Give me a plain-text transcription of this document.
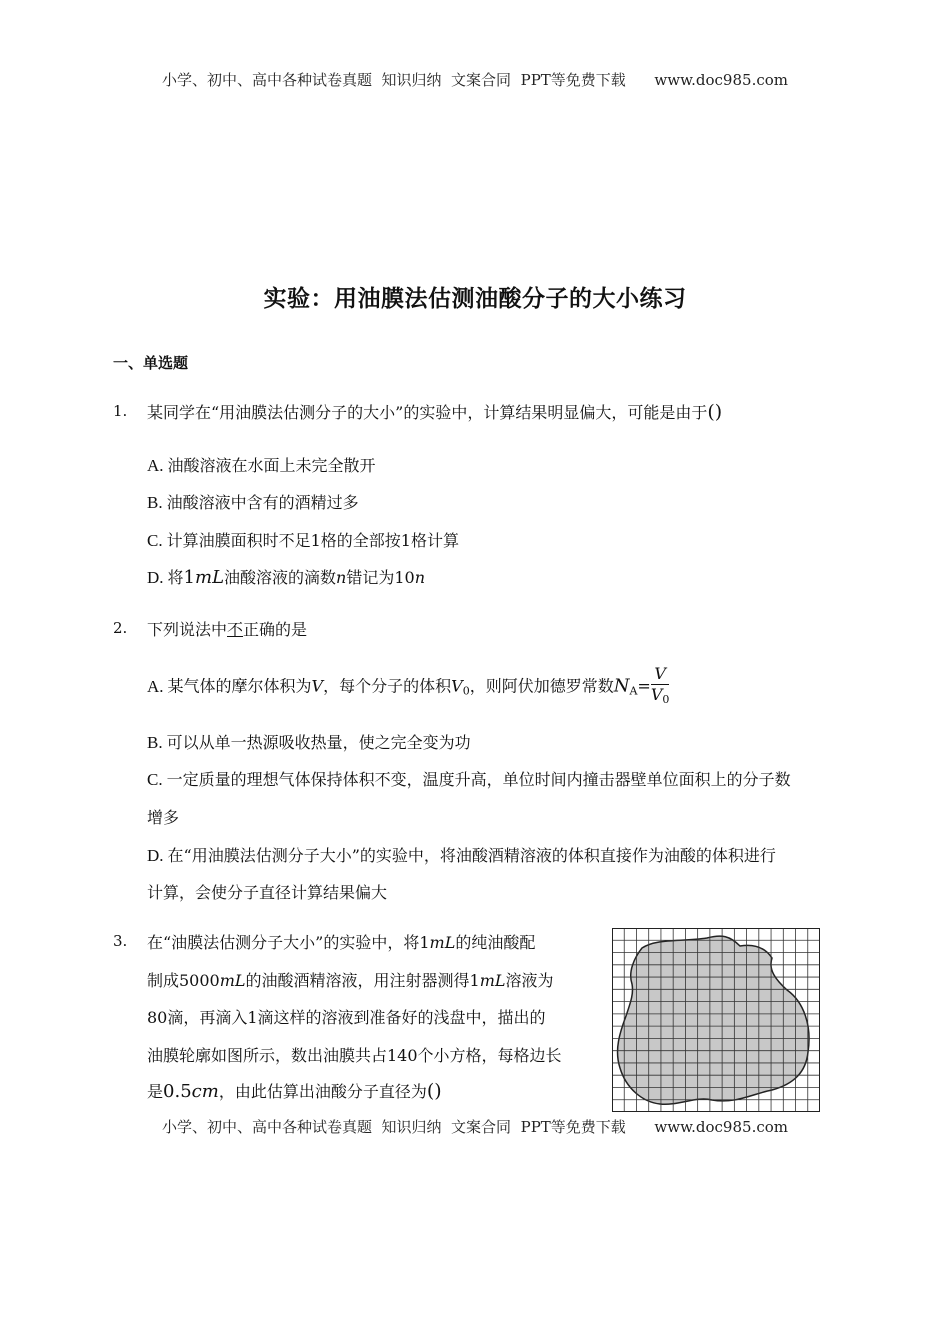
小学、初中、高中各种试卷真题  知识归纳  文案合同  PPT等免费下载      www.doc985.com
实验：用油膜法估测油酸分子的大小练习
一、单选题
1. 某同学在“用油膜法估测分子的大小”的实验中，计算结果明显偏大，可能是由于()
A. 油酸溶液在水面上未完全散开
B. 油酸溶液中含有的酒精过多
C. 计算油膜面积时不足1格的全部按1格计算
D. 将1mL油酸溶液的滴数n错记为10n
2. 下列说法中不正确的是
A. 某气体的摩尔体积为V，每个分子的体积$V_0$，则阿伏加德罗常数$N_A= \frac{V}{V_0}$
B. 可以从单一热源吸收热量，使之完全变为功
C. 一定质量的理想气体保持体积不变，温度升高，单位时间内撞击器壁单位面积上的分子数
增多
D. 在“用油膜法估测分子大小”的实验中，将油酸酒精溶液的体积直接作为油酸的体积进行
计算，会使分子直径计算结果偏大
3. 在“油膜法估测分子大小”的实验中，将1mL的纯油酸配
制成5000mL的油酸酒精溶液，用注射器测得1mL溶液为
80滴，再滴入1滴这样的溶液到准备好的浅盘中，描出的
油膜轮廓如图所示，数出油膜共占140个小方格，每格边长
是0.5cm，由此估算出油酸分子直径为()
小学、初中、高中各种试卷真题  知识归纳  文案合同  PPT等免费下载      www.doc985.com
